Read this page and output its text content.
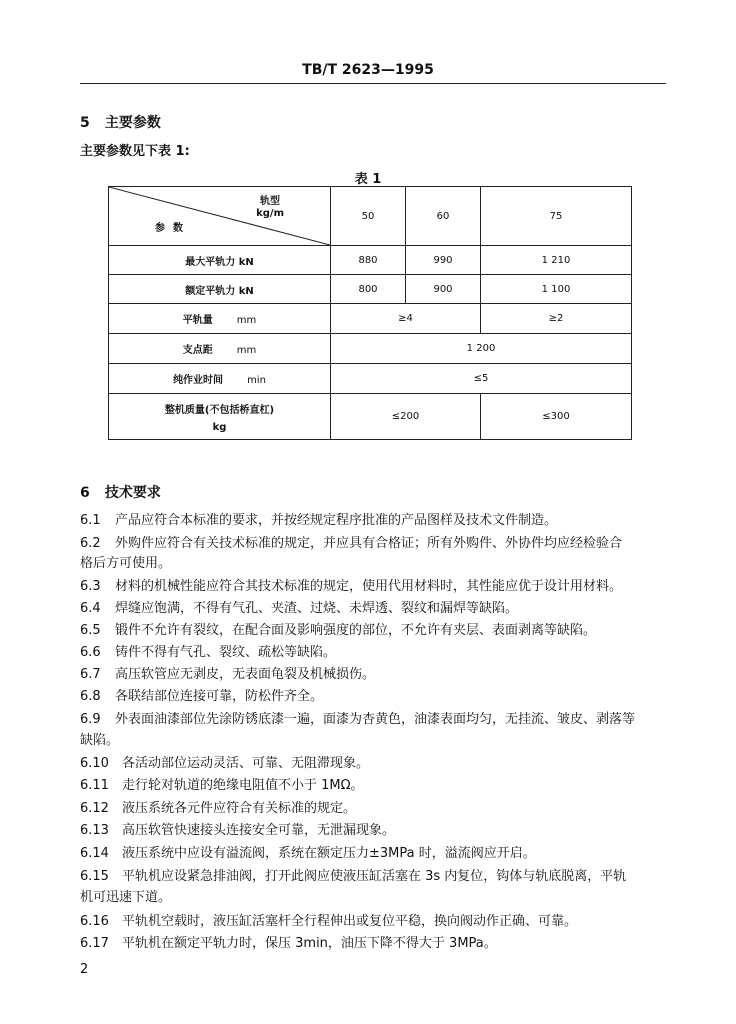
TB/T 2623—1995
5 主要参数
主要参数见下表 1:
表 1
轨型
kg/m
参数	50	60	75
最大平轨力 kN	880	990	1 210
额定平轨力 kN	800	900	1 100
平轨量 mm	≥4		≥2
支点距 mm	1 200		
纯作业时间 min	≤5		

整机质量(不包括桥直杠)
kg	≤200		≤300
6 技术要求
6.1 产品应符合本标准的要求，并按经规定程序批准的产品图样及技术文件制造。
6.2 外购件应符合有关技术标准的规定，并应具有合格证；所有外购件、外协件均应经检验合
格后方可使用。
6.3 材料的机械性能应符合其技术标准的规定，使用代用材料时，其性能应优于设计用材料。
6.4 焊缝应饱满，不得有气孔、夹渣、过烧、未焊透、裂纹和漏焊等缺陷。
6.5 锻件不允许有裂纹，在配合面及影响强度的部位，不允许有夹层、表面剥离等缺陷。
6.6 铸件不得有气孔、裂纹、疏松等缺陷。
6.7 高压软管应无剥皮，无表面龟裂及机械损伤。
6.8 各联结部位连接可靠，防松件齐全。
6.9 外表面油漆部位先涂防锈底漆一遍，面漆为杏黄色，油漆表面均匀，无挂流、皱皮、剥落等
缺陷。
6.10 各活动部位运动灵活、可靠、无阻滞现象。
6.11 走行轮对轨道的绝缘电阻值不小于 1MΩ。
6.12 液压系统各元件应符合有关标准的规定。
6.13 高压软管快速接头连接安全可靠，无泄漏现象。
6.14 液压系统中应设有溢流阀，系统在额定压力±3MPa 时，溢流阀应开启。
6.15 平轨机应设紧急排油阀，打开此阀应使液压缸活塞在 3s 内复位，钩体与轨底脱离，平轨
机可迅速下道。
6.16 平轨机空载时，液压缸活塞杆全行程伸出或复位平稳，换向阀动作正确、可靠。
6.17 平轨机在额定平轨力时，保压 3min，油压下降不得大于 3MPa。
2
